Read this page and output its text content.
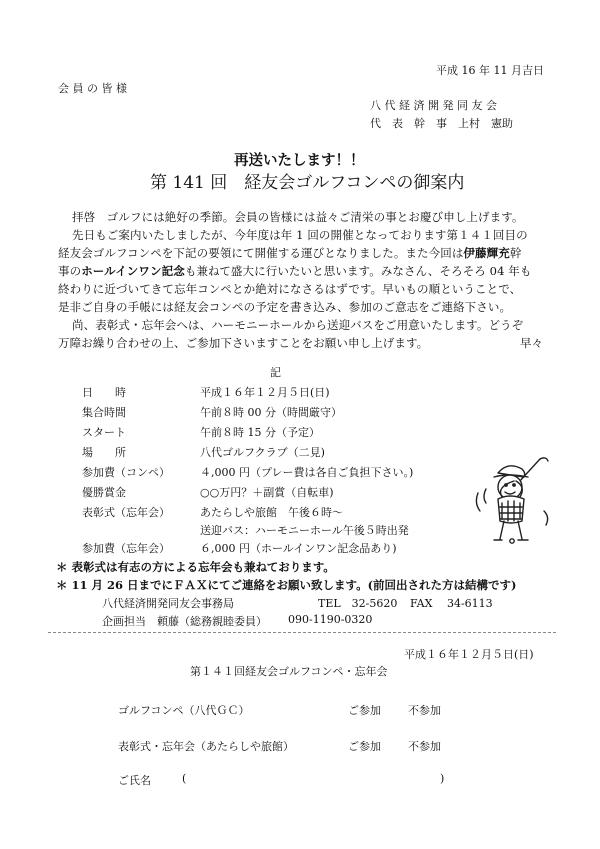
平成 16 年 11 月吉日
会 員 の 皆 様
八 代 経 済 開 発 同 友 会
代　表　幹　事　上村　憲助
再送いたします！！
第 141 回　経友会ゴルフコンペの御案内
拝啓　ゴルフには絶好の季節。会員の皆様には益々ご清栄の事とお慶び申し上げます。
先日もご案内いたしましたが、今年度は年 1 回の開催となっております第１４１回目の
経友会ゴルフコンペを下記の要領にて開催する運びとなりました。また今回は伊藤輝充幹
事のホールインワン記念も兼ねて盛大に行いたいと思います。みなさん、そろそろ 04 年も
終わりに近づいてきて忘年コンペとか絶対になさるはずです。早いもの順ということで、
是非ご自身の手帳には経友会コンペの予定を書き込み、参加のご意志をご連絡下さい。
尚、表彰式・忘年会へは、ハーモニーホールから送迎バスをご用意いたします。どうぞ
万障お繰り合わせの上、ご参加下さいますことをお願い申し上げます。	早々
記
日　　時	平成１６年１２月５日(日)
集合時間	午前８時 00 分（時間厳守）
スタート	午前８時 15 分（予定）
場　　所	八代ゴルフクラブ（二見)
参加費（コンペ）	４,000 円（プレー費は各自ご負担下さい。)
優勝賞金	○○万円？＋副賞（自転車)
表彰式（忘年会）	あたらしや旅館　午後６時～
送迎バス：ハーモニーホール午後５時出発
参加費（忘年会）	６,000 円（ホールインワン記念品あり)
＊ 表彰式は有志の方による忘年会も兼ねております。
＊ 11 月 26 日までにＦＡＸにてご連絡をお願い致します。(前回出された方は結構です)
八代経済開発同友会事務局	TEL　32-5620 FAX　 34-6113
企画担当　頼藤（総務親睦委員） 090-1190-0320
平成１６年１２月５日(日)
第１４１回経友会ゴルフコンペ・忘年会
ゴルフコンペ（八代ＧＣ）	ご参加 不参加
表彰式・忘年会（あたらしや旅館）	ご参加 不参加
ご氏名	(	)
